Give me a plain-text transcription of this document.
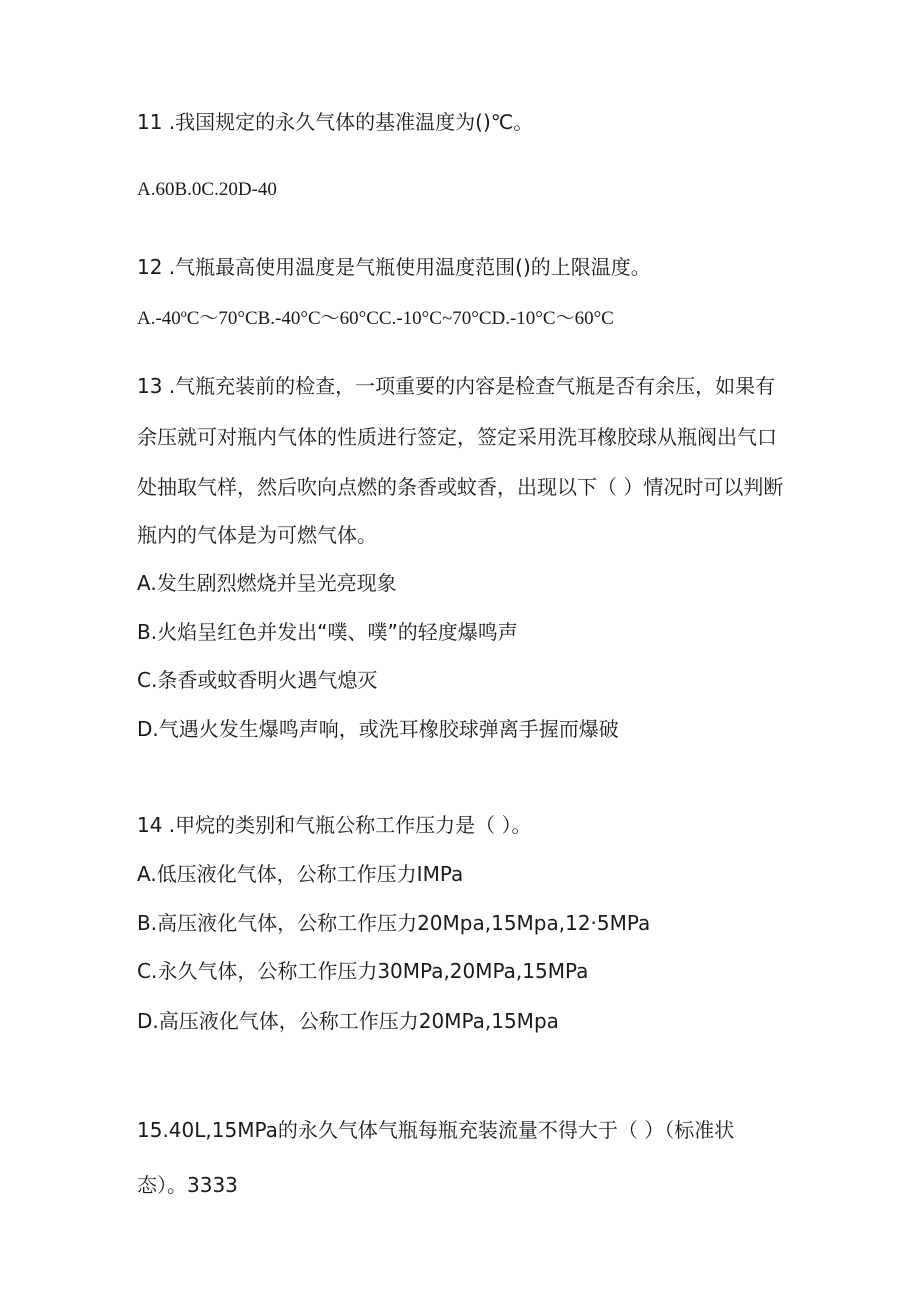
11 .我国规定的永久气体的基准温度为()℃。
A.60B.0C.20D-40
12 .气瓶最高使用温度是气瓶使用温度范围()的上限温度。
A.-40ºC～70°CB.-40°C～60°CC.-10°C~70°CD.-10°C～60°C
13 .气瓶充装前的检查，一项重要的内容是检查气瓶是否有余压，如果有
余压就可对瓶内气体的性质进行签定，签定采用洗耳橡胶球从瓶阀出气口
处抽取气样，然后吹向点燃的条香或蚊香，出现以下（ ）情况时可以判断
瓶内的气体是为可燃气体。
A.发生剧烈燃烧并呈光亮现象
B.火焰呈红色并发出“噗、噗”的轻度爆鸣声
C.条香或蚊香明火遇气熄灭
D.气遇火发生爆鸣声响，或洗耳橡胶球弹离手握而爆破
14 .甲烷的类别和气瓶公称工作压力是（ ）。
A.低压液化气体，公称工作压力IMPa
B.高压液化气体，公称工作压力20Mpa,15Mpa,12·5MPa
C.永久气体，公称工作压力30MPa,20MPa,15MPa
D.高压液化气体，公称工作压力20MPa,15Mpa
15.40L,15MPa的永久气体气瓶每瓶充装流量不得大于（ ）（标准状
态）。3333
